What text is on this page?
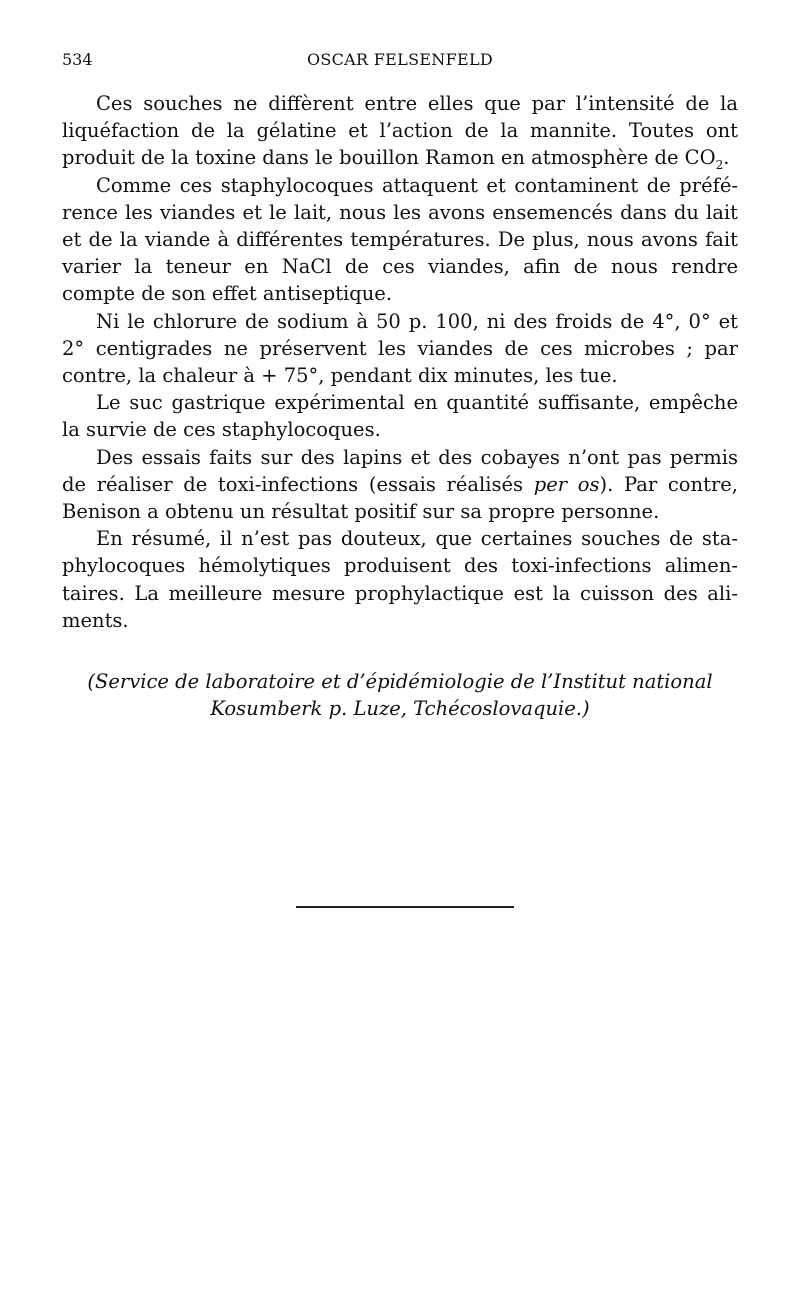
534	OSCAR FELSENFELD

Ces souches ne diffèrent entre elles que par l’intensité de la liquéfaction de la gélatine et l’action de la mannite. Toutes ont produit de la toxine dans le bouillon Ramon en atmosphère de $CO_2$.

Comme ces staphylocoques attaquent et contaminent de préférence les viandes et le lait, nous les avons ensemencés dans du lait et de la viande à différentes températures. De plus, nous avons fait varier la teneur en NaCl de ces viandes, afin de nous rendre compte de son effet antiseptique.

Ni le chlorure de sodium à 50 p. 100, ni des froids de 4°, 0° et 2° centigrades ne préservent les viandes de ces microbes ; par contre, la chaleur à + 75°, pendant dix minutes, les tue.

Le suc gastrique expérimental en quantité suffisante, empêche la survie de ces staphylocoques.

Des essais faits sur des lapins et des cobayes n’ont pas permis de réaliser de toxi-infections (essais réalisés per os). Par contre, Benison a obtenu un résultat positif sur sa propre personne.

En résumé, il n’est pas douteux, que certaines souches de staphylocoques hémolytiques produisent des toxi-infections alimentaires. La meilleure mesure prophylactique est la cuisson des aliments.

(Service de laboratoire et d’épidémiologie de l’Institut national
Kosumberk p. Luze, Tchécoslovaquie.)
